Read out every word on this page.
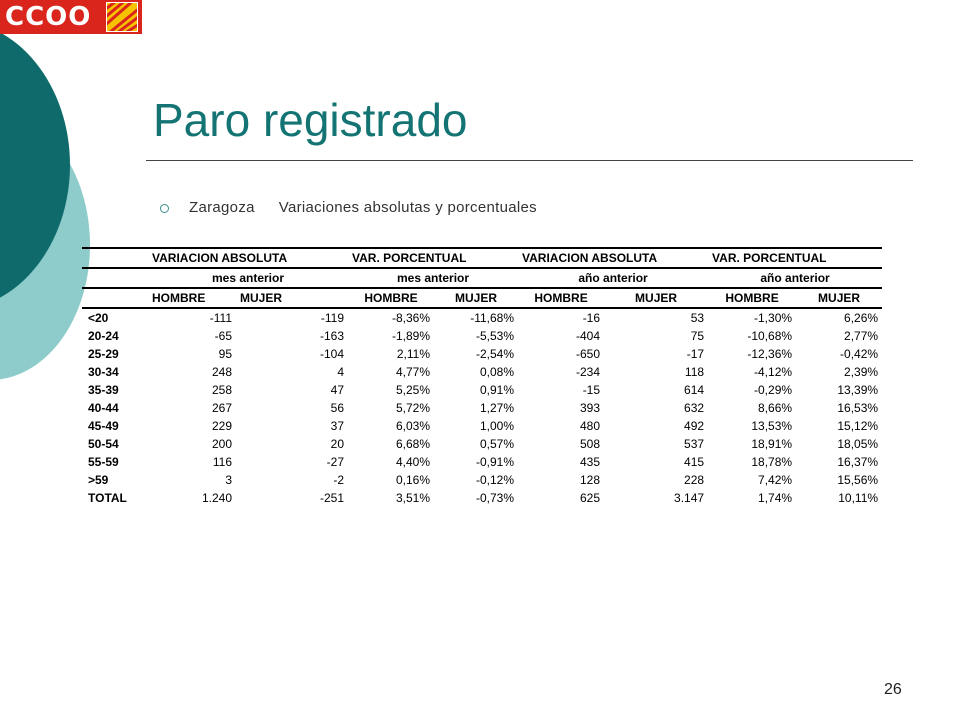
CCOO
Paro registrado
Zaragoza Variaciones absolutas y porcentuales
	VARIACION ABSOLUTA		VAR. PORCENTUAL		VARIACION ABSOLUTA		VAR. PORCENTUAL	
	mes anterior		mes anterior		año anterior		año anterior	
	HOMBRE	MUJER	HOMBRE	MUJER	HOMBRE	MUJER	HOMBRE	MUJER
<20	-111	-119	-8,36%	-11,68%	-16	53	-1,30%	6,26%
20-24	-65	-163	-1,89%	-5,53%	-404	75	-10,68%	2,77%
25-29	95	-104	2,11%	-2,54%	-650	-17	-12,36%	-0,42%
30-34	248	4	4,77%	0,08%	-234	118	-4,12%	2,39%
35-39	258	47	5,25%	0,91%	-15	614	-0,29%	13,39%
40-44	267	56	5,72%	1,27%	393	632	8,66%	16,53%
45-49	229	37	6,03%	1,00%	480	492	13,53%	15,12%
50-54	200	20	6,68%	0,57%	508	537	18,91%	18,05%
55-59	116	-27	4,40%	-0,91%	435	415	18,78%	16,37%
>59	3	-2	0,16%	-0,12%	128	228	7,42%	15,56%
TOTAL	1.240	-251	3,51%	-0,73%	625	3.147	1,74%	10,11%
26
